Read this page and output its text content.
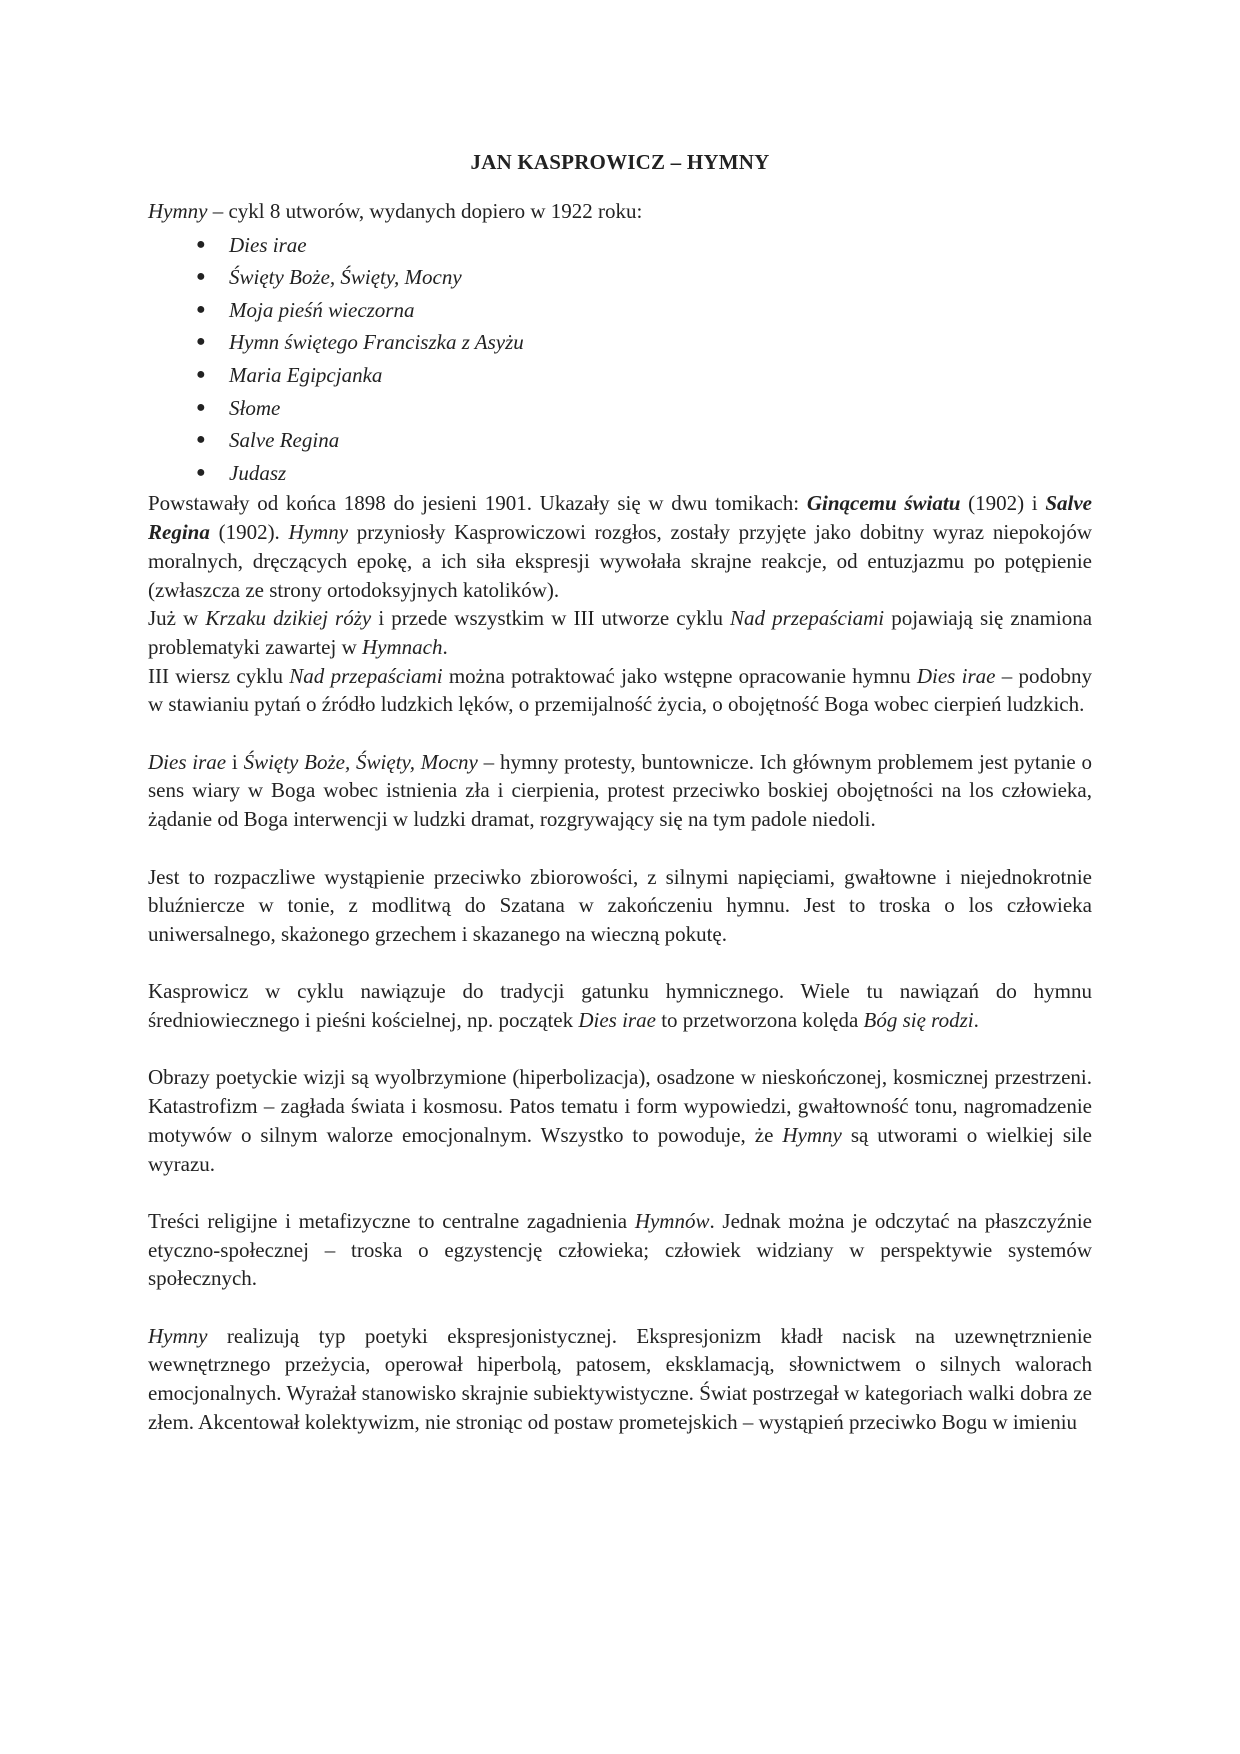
JAN KASPROWICZ – HYMNY

Hymny – cykl 8 utworów, wydanych dopiero w 1922 roku:

● Dies irae
● Święty Boże, Święty, Mocny
● Moja pieśń wieczorna
● Hymn świętego Franciszka z Asyżu
● Maria Egipcjanka
● Słome
● Salve Regina
● Judasz

Powstawały od końca 1898 do jesieni 1901. Ukazały się w dwu tomikach: Ginącemu światu (1902) i Salve Regina (1902). Hymny przyniosły Kasprowiczowi rozgłos, zostały przyjęte jako dobitny wyraz niepokojów moralnych, dręczących epokę, a ich siła ekspresji wywołała skrajne reakcje, od entuzjazmu po potępienie (zwłaszcza ze strony ortodoksyjnych katolików).

Już w Krzaku dzikiej róży i przede wszystkim w III utworze cyklu Nad przepaściami pojawiają się znamiona problematyki zawartej w Hymnach.

III wiersz cyklu Nad przepaściami można potraktować jako wstępne opracowanie hymnu Dies irae – podobny w stawianiu pytań o źródło ludzkich lęków, o przemijalność życia, o obojętność Boga wobec cierpień ludzkich.

Dies irae i Święty Boże, Święty, Mocny – hymny protesty, buntownicze. Ich głównym problemem jest pytanie o sens wiary w Boga wobec istnienia zła i cierpienia, protest przeciwko boskiej obojętności na los człowieka, żądanie od Boga interwencji w ludzki dramat, rozgrywający się na tym padole niedoli.

Jest to rozpaczliwe wystąpienie przeciwko zbiorowości, z silnymi napięciami, gwałtowne i niejednokrotnie bluźniercze w tonie, z modlitwą do Szatana w zakończeniu hymnu. Jest to troska o los człowieka uniwersalnego, skażonego grzechem i skazanego na wieczną pokutę.

Kasprowicz w cyklu nawiązuje do tradycji gatunku hymnicznego. Wiele tu nawiązań do hymnu średniowiecznego i pieśni kościelnej, np. początek Dies irae to przetworzona kolęda Bóg się rodzi.

Obrazy poetyckie wizji są wyolbrzymione (hiperbolizacja), osadzone w nieskończonej, kosmicznej przestrzeni. Katastrofizm – zagłada świata i kosmosu. Patos tematu i form wypowiedzi, gwałtowność tonu, nagromadzenie motywów o silnym walorze emocjonalnym. Wszystko to powoduje, że Hymny są utworami o wielkiej sile wyrazu.

Treści religijne i metafizyczne to centralne zagadnienia Hymnów. Jednak można je odczytać na płaszczyźnie etyczno-społecznej – troska o egzystencję człowieka; człowiek widziany w perspektywie systemów społecznych.

Hymny realizują typ poetyki ekspresjonistycznej. Ekspresjonizm kładł nacisk na uzewnętrznienie wewnętrznego przeżycia, operował hiperbolą, patosem, eksklamacją, słownictwem o silnych walorach emocjonalnych. Wyrażał stanowisko skrajnie subiektywistyczne. Świat postrzegał w kategoriach walki dobra ze złem. Akcentował kolektywizm, nie stroniąc od postaw prometejskich – wystąpień przeciwko Bogu w imieniu
